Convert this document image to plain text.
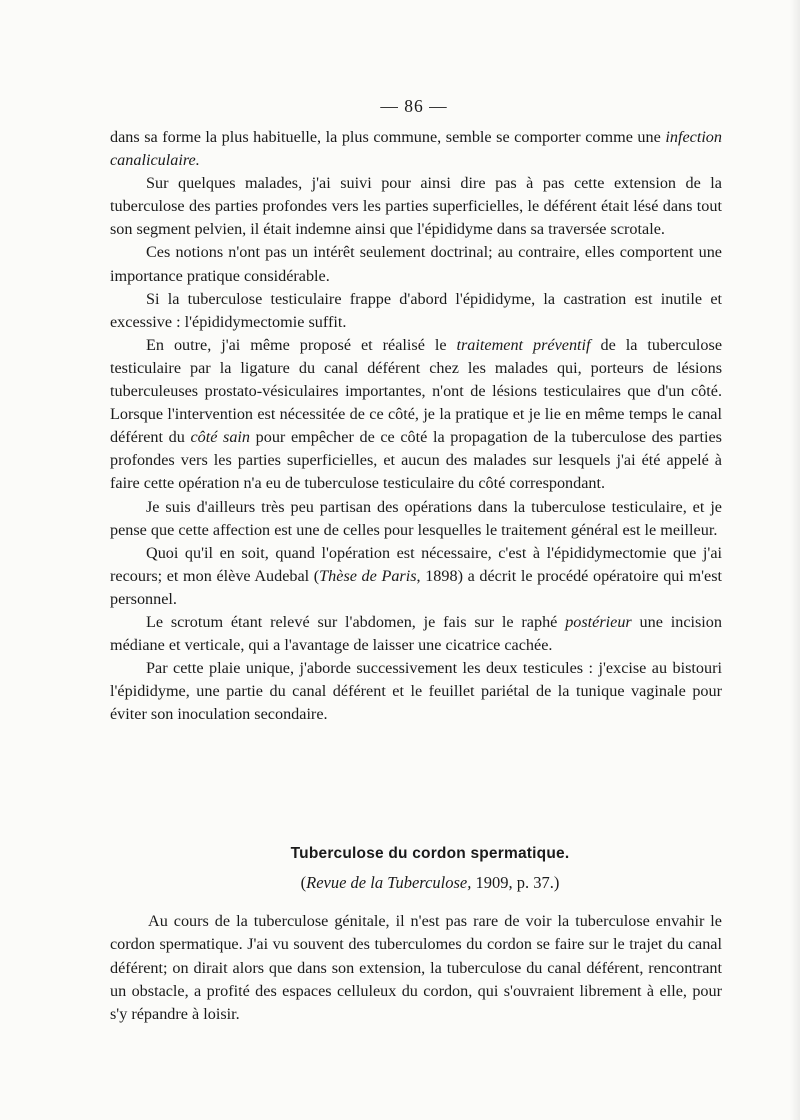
— 86 —

dans sa forme la plus habituelle, la plus commune, semble se comporter comme une infection canaliculaire.

Sur quelques malades, j'ai suivi pour ainsi dire pas à pas cette extension de la tuberculose des parties profondes vers les parties superficielles, le déférent était lésé dans tout son segment pelvien, il était indemne ainsi que l'épididyme dans sa traversée scrotale.

Ces notions n'ont pas un intérêt seulement doctrinal; au contraire, elles comportent une importance pratique considérable.

Si la tuberculose testiculaire frappe d'abord l'épididyme, la castration est inutile et excessive : l'épididymectomie suffit.

En outre, j'ai même proposé et réalisé le traitement préventif de la tuberculose testiculaire par la ligature du canal déférent chez les malades qui, porteurs de lésions tuberculeuses prostato-vésiculaires importantes, n'ont de lésions testiculaires que d'un côté. Lorsque l'intervention est nécessitée de ce côté, je la pratique et je lie en même temps le canal déférent du côté sain pour empêcher de ce côté la propagation de la tuberculose des parties profondes vers les parties superficielles, et aucun des malades sur lesquels j'ai été appelé à faire cette opération n'a eu de tuberculose testiculaire du côté correspondant.

Je suis d'ailleurs très peu partisan des opérations dans la tuberculose testiculaire, et je pense que cette affection est une de celles pour lesquelles le traitement général est le meilleur.

Quoi qu'il en soit, quand l'opération est nécessaire, c'est à l'épididymectomie que j'ai recours; et mon élève Audebal (Thèse de Paris, 1898) a décrit le procédé opératoire qui m'est personnel.

Le scrotum étant relevé sur l'abdomen, je fais sur le raphé postérieur une incision médiane et verticale, qui a l'avantage de laisser une cicatrice cachée.

Par cette plaie unique, j'aborde successivement les deux testicules : j'excise au bistouri l'épididyme, une partie du canal déférent et le feuillet pariétal de la tunique vaginale pour éviter son inoculation secondaire.

Tuberculose du cordon spermatique.
(Revue de la Tuberculose, 1909, p. 37.)

Au cours de la tuberculose génitale, il n'est pas rare de voir la tuberculose envahir le cordon spermatique. J'ai vu souvent des tuberculomes du cordon se faire sur le trajet du canal déférent; on dirait alors que dans son extension, la tuberculose du canal déférent, rencontrant un obstacle, a profité des espaces celluleux du cordon, qui s'ouvraient librement à elle, pour s'y répandre à loisir.
